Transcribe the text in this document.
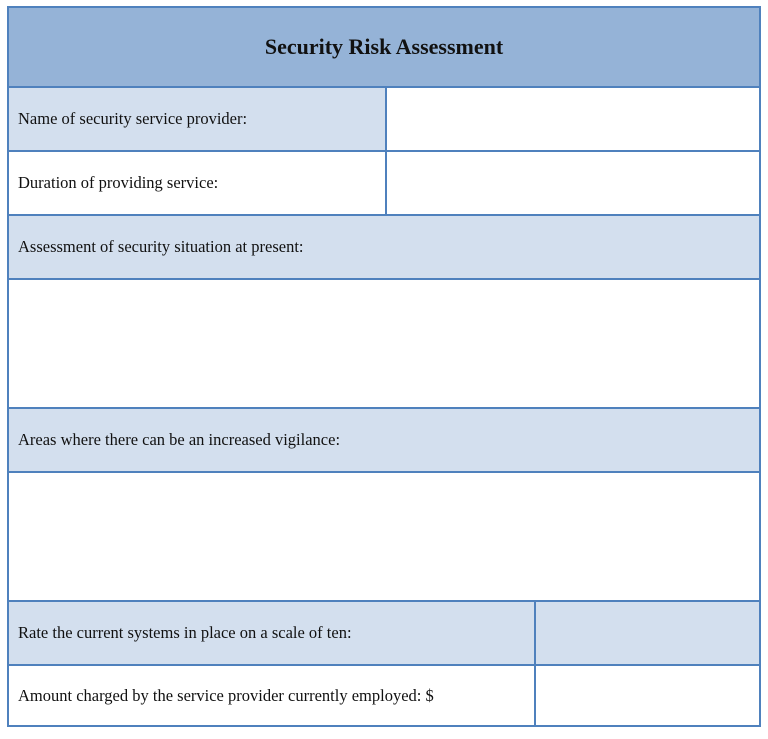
Security Risk Assessment
Name of security service provider:
Duration of providing service:
Assessment of security situation at present:
Areas where there can be an increased vigilance:
Rate the current systems in place on a scale of ten:
Amount charged by the service provider currently employed: $
